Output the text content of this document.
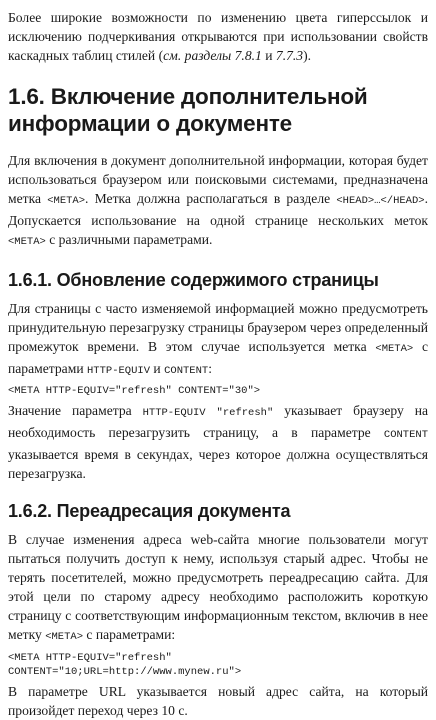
Более широкие возможности по изменению цвета гиперссылок и исключению подчеркивания открываются при использовании свойств каскадных таблиц стилей (см. разделы 7.8.1 и 7.7.3).

1.6. Включение дополнительной информации о документе

Для включения в документ дополнительной информации, которая будет использоваться браузером или поисковыми системами, предназначена метка <META>. Метка должна располагаться в разделе <HEAD>…</HEAD>. Допускается использование на одной странице нескольких меток <META> с различными параметрами.

1.6.1. Обновление содержимого страницы

Для страницы с часто изменяемой информацией можно предусмотреть принудительную перезагрузку страницы браузером через определенный промежуток времени. В этом случае используется метка <META> с параметрами HTTP-EQUIV и CONTENT:

<META HTTP-EQUIV="refresh" CONTENT="30">

Значение параметра HTTP-EQUIV "refresh" указывает браузеру на необходимость перезагрузить страницу, а в параметре CONTENT указывается время в секундах, через которое должна осуществляться перезагрузка.

1.6.2. Переадресация документа

В случае изменения адреса web-сайта многие пользователи могут пытаться получить доступ к нему, используя старый адрес. Чтобы не терять посетителей, можно предусмотреть переадресацию сайта. Для этой цели по старому адресу необходимо расположить короткую страницу с соответствующим информационным текстом, включив в нее метку <META> с параметрами:

<META HTTP-EQUIV="refresh"
CONTENT="10;URL=http://www.mynew.ru">

В параметре URL указывается новый адрес сайта, на который произойдет переход через 10 с.
